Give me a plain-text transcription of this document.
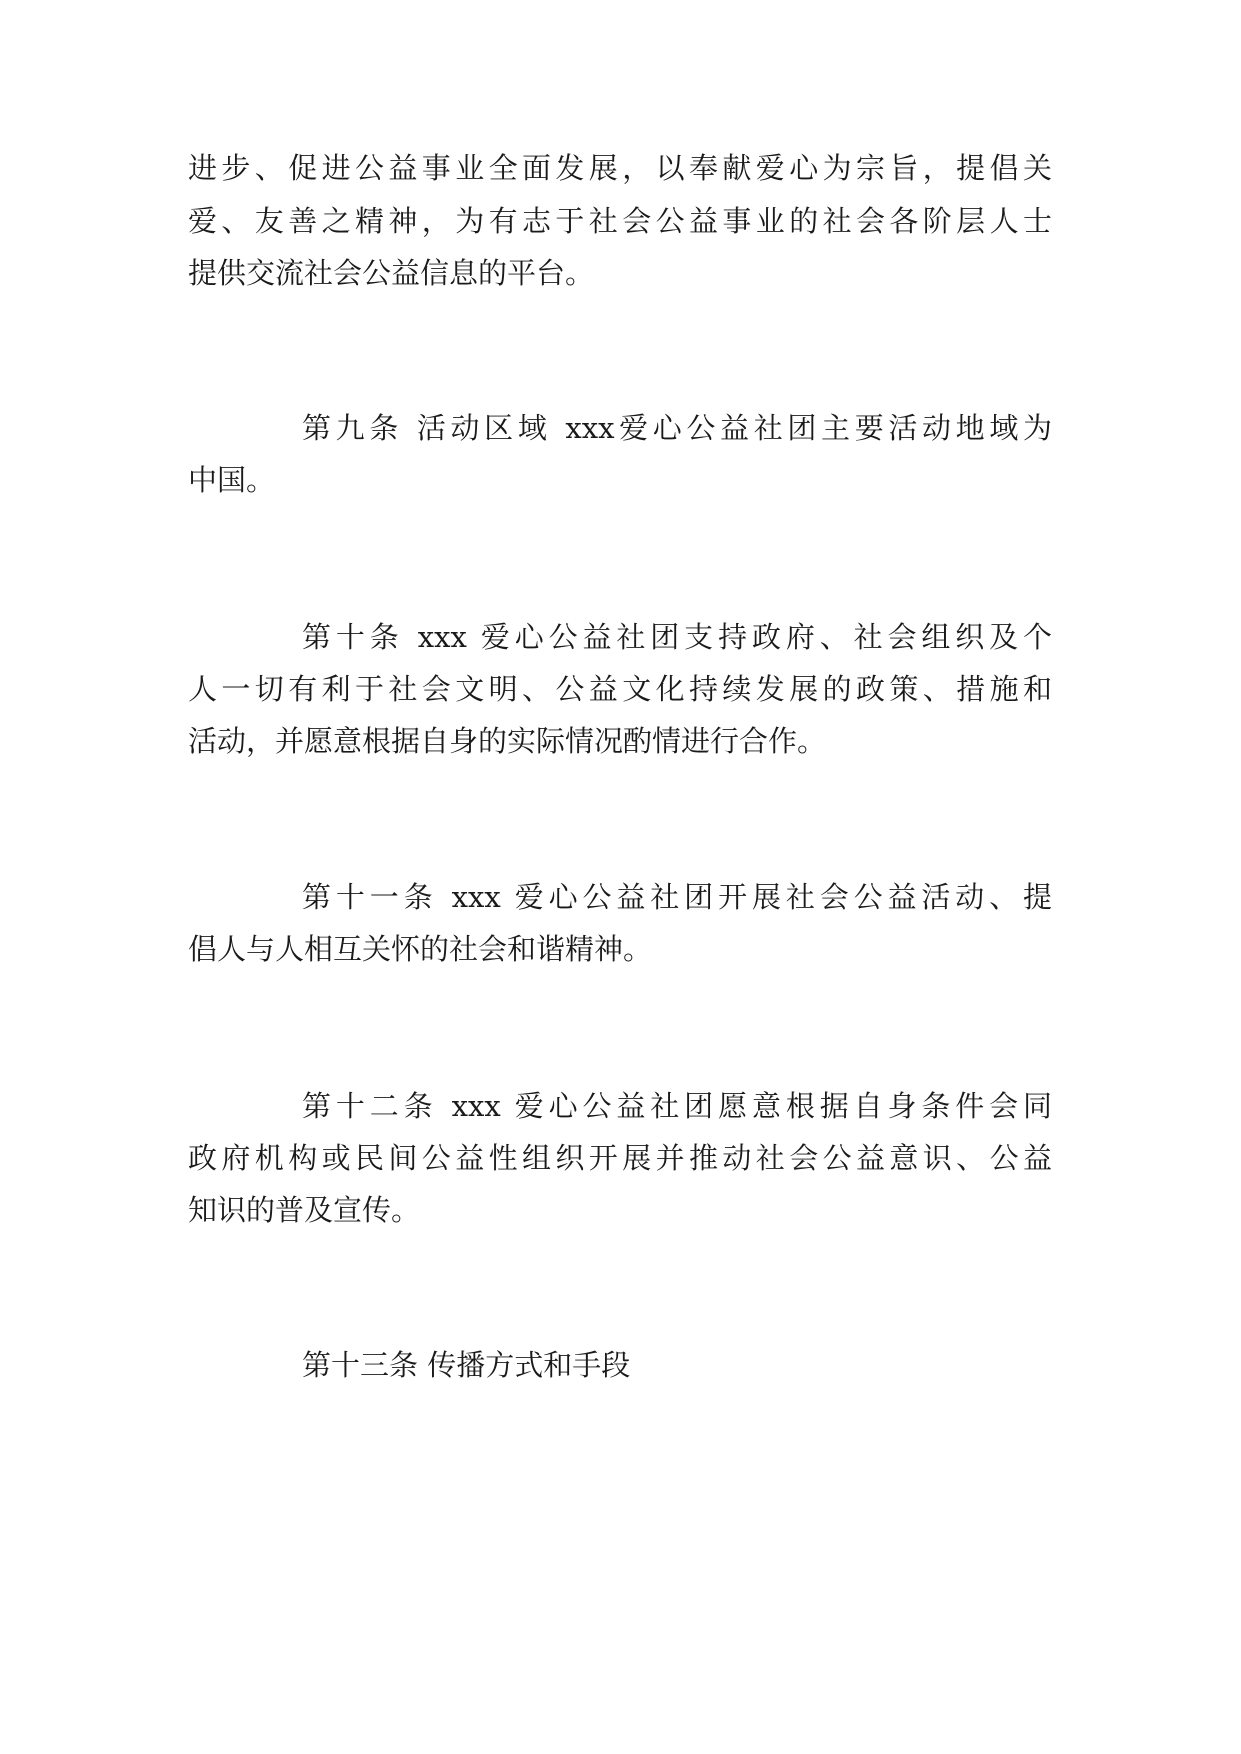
进步、促进公益事业全面发展，以奉献爱心为宗旨，提倡关

爱、友善之精神，为有志于社会公益事业的社会各阶层人士

提供交流社会公益信息的平台。

第九条 活动区域 xxx爱心公益社团主要活动地域为

中国。

第十条 xxx 爱心公益社团支持政府、社会组织及个

人一切有利于社会文明、公益文化持续发展的政策、措施和

活动，并愿意根据自身的实际情况酌情进行合作。

第十一条 xxx 爱心公益社团开展社会公益活动、提

倡人与人相互关怀的社会和谐精神。

第十二条 xxx 爱心公益社团愿意根据自身条件会同

政府机构或民间公益性组织开展并推动社会公益意识、公益

知识的普及宣传。

第十三条 传播方式和手段
